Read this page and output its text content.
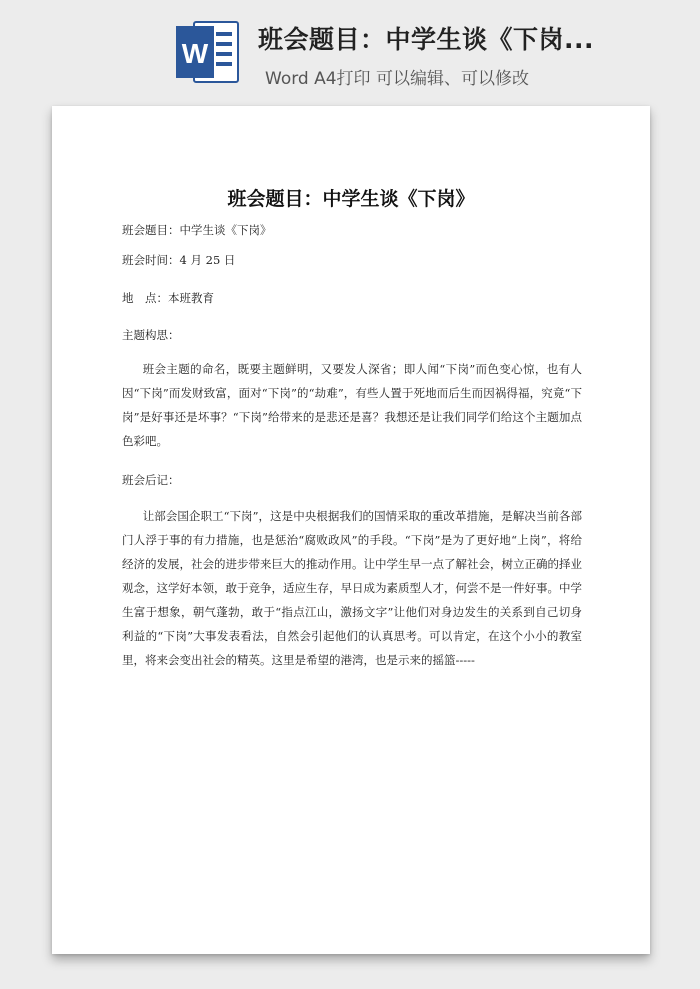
W 班会题目：中学生谈《下岗...
Word A4打印 可以编辑、可以修改
班会题目：中学生谈《下岗》
班会题目：中学生谈《下岗》
班会时间：4 月 25 日
地　点：本班教育
主题构思：
班会主题的命名，既要主题鲜明，又要发人深省；即人闻“下岗”而色变心惊，也有人因“下岗”而发财致富，面对“下岗”的“劫难”，有些人置于死地而后生而因祸得福，究竟“下岗”是好事还是坏事？“下岗”给带来的是悲还是喜？我想还是让我们同学们给这个主题加点色彩吧。
班会后记：
让部会国企职工“下岗”，这是中央根据我们的国情采取的重改革措施，是解决当前各部门人浮于事的有力措施，也是惩治“腐败政风”的手段。“下岗”是为了更好地“上岗”，将给经济的发展，社会的进步带来巨大的推动作用。让中学生早一点了解社会，树立正确的择业观念，这学好本领，敢于竞争，适应生存，早日成为素质型人才，何尝不是一件好事。中学生富于想象，朝气蓬勃，敢于“指点江山，激扬文字”让他们对身边发生的关系到自己切身利益的“下岗”大事发表看法，自然会引起他们的认真思考。可以肯定，在这个小小的教室里，将来会变出社会的精英。这里是希望的港湾，也是示来的摇篮-----
